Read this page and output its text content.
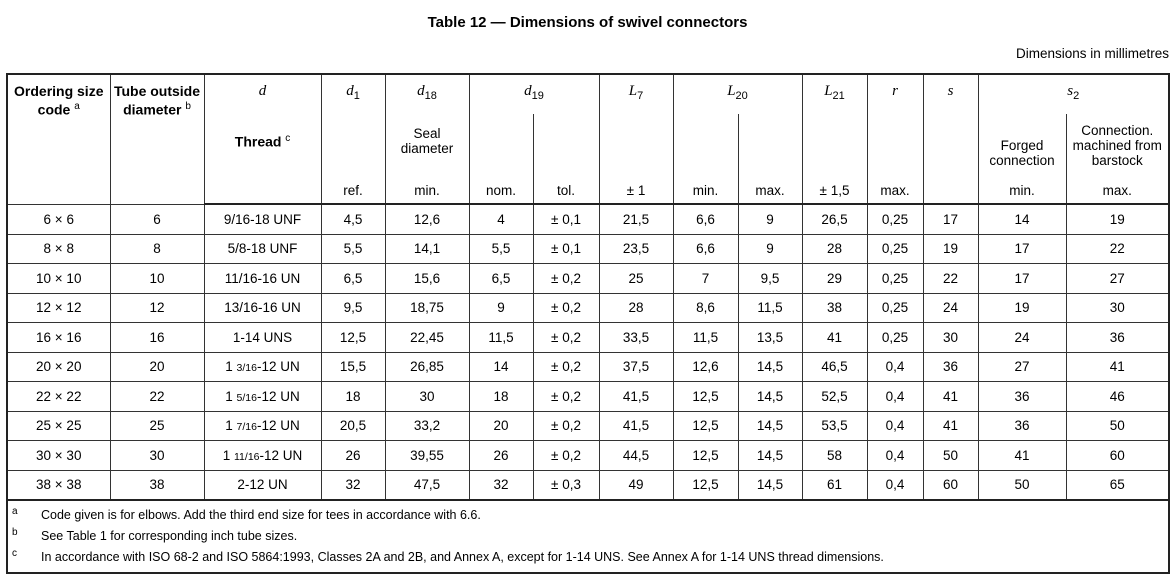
Table 12 — Dimensions of swivel connectors
Dimensions in millimetres
Ordering size code $^a$	Tube outside diameter $^b$	d	$d_1$	$d_{18}$	$d_{19}$		$L_7$	$L_{20}$		$L_{21}$	r	s	$s_2$
		Thread $^c$		Seal diameter									Forged connection	Connection. machined from barstock
			ref.	min.	nom.	tol.	± 1	min.	max.	± 1,5	max.		min.	max.
6 × 6	6	9/16-18 UNF	4,5	12,6	4	± 0,1	21,5	6,6	9	26,5	0,25	17	14	19
8 × 8	8	5/8-18 UNF	5,5	14,1	5,5	± 0,1	23,5	6,6	9	28	0,25	19	17	22
10 × 10	10	11/16-16 UN	6,5	15,6	6,5	± 0,2	25	7	9,5	29	0,25	22	17	27
12 × 12	12	13/16-16 UN	9,5	18,75	9	± 0,2	28	8,6	11,5	38	0,25	24	19	30
16 × 16	16	1-14 UNS	12,5	22,45	11,5	± 0,2	33,5	11,5	13,5	41	0,25	30	24	36
20 × 20	20	1 3/16-12 UN	15,5	26,85	14	± 0,2	37,5	12,6	14,5	46,5	0,4	36	27	41
22 × 22	22	1 5/16-12 UN	18	30	18	± 0,2	41,5	12,5	14,5	52,5	0,4	41	36	46
25 × 25	25	1 7/16-12 UN	20,5	33,2	20	± 0,2	41,5	12,5	14,5	53,5	0,4	41	36	50
30 × 30	30	1 11/16-12 UN	26	39,55	26	± 0,2	44,5	12,5	14,5	58	0,4	50	41	60
38 × 38	38	2-12 UN	32	47,5	32	± 0,3	49	12,5	14,5	61	0,4	60	50	65

a	Code given is for elbows. Add the third end size for tees in accordance with 6.6.
b	See Table 1 for corresponding inch tube sizes.
c	In accordance with ISO 68-2 and ISO 5864:1993, Classes 2A and 2B, and Annex A, except for 1-14 UNS. See Annex A for 1-14 UNS thread dimensions.
